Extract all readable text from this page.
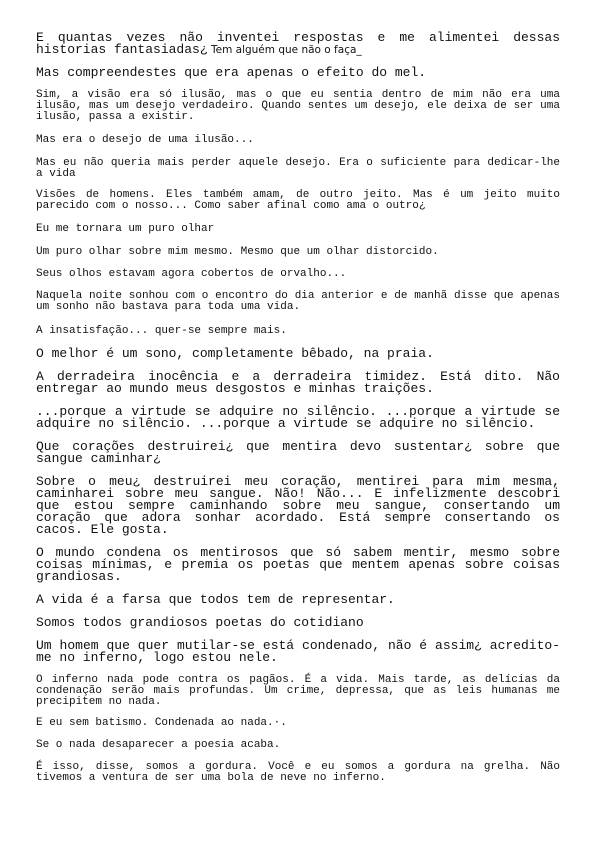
E quantas vezes não inventei respostas e me alimentei dessas historias fantasiadas¿ Tem alguém que não o faça_

Mas compreendestes que era apenas o efeito do mel.

Sim, a visão era só ilusão, mas o que eu sentia dentro de mim não era uma ilusão, mas um desejo verdadeiro. Quando sentes um desejo, ele deixa de ser uma ilusão, passa a existir.

Mas era o desejo de uma ilusão...

Mas eu não queria mais perder aquele desejo. Era o suficiente para dedicar-lhe a vida

Visões de homens. Eles também amam, de outro jeito. Mas é um jeito muito parecido com o nosso... Como saber afinal como ama o outro¿

Eu me tornara um puro olhar

Um puro olhar sobre mim mesmo. Mesmo que um olhar distorcido.

Seus olhos estavam agora cobertos de orvalho...

Naquela noite sonhou com o encontro do dia anterior e de manhã disse que apenas um sonho não bastava para toda uma vida.

A insatisfação... quer-se sempre mais.

O melhor é um sono, completamente bêbado, na praia.

A derradeira inocência e a derradeira timidez. Está dito. Não entregar ao mundo meus desgostos e minhas traições.

...porque a virtude se adquire no silêncio. ...porque a virtude se adquire no silêncio. ...porque a virtude se adquire no silêncio.

Que corações destruirei¿ que mentira devo sustentar¿ sobre que sangue caminhar¿

Sobre o meu¿ destruirei meu coração, mentirei para mim mesma, caminharei sobre meu sangue. Não! Não... E infelizmente descobri que estou sempre caminhando sobre meu sangue, consertando um coração que adora sonhar acordado. Está sempre consertando os cacos. Ele gosta.

O mundo condena os mentirosos que só sabem mentir, mesmo sobre coisas mínimas, e premia os poetas que mentem apenas sobre coisas grandiosas.

A vida é a farsa que todos tem de representar.

Somos todos grandiosos poetas do cotidiano

Um homem que quer mutilar-se está condenado, não é assim¿ acredito-me no inferno, logo estou nele.

O inferno nada pode contra os pagãos. É a vida. Mais tarde, as delícias da condenação serão mais profundas. Um crime, depressa, que as leis humanas me precipitem no nada.

E eu sem batismo. Condenada ao nada.·.

Se o nada desaparecer a poesia acaba.

É isso, disse, somos a gordura. Você e eu somos a gordura na grelha. Não tivemos a ventura de ser uma bola de neve no inferno.
